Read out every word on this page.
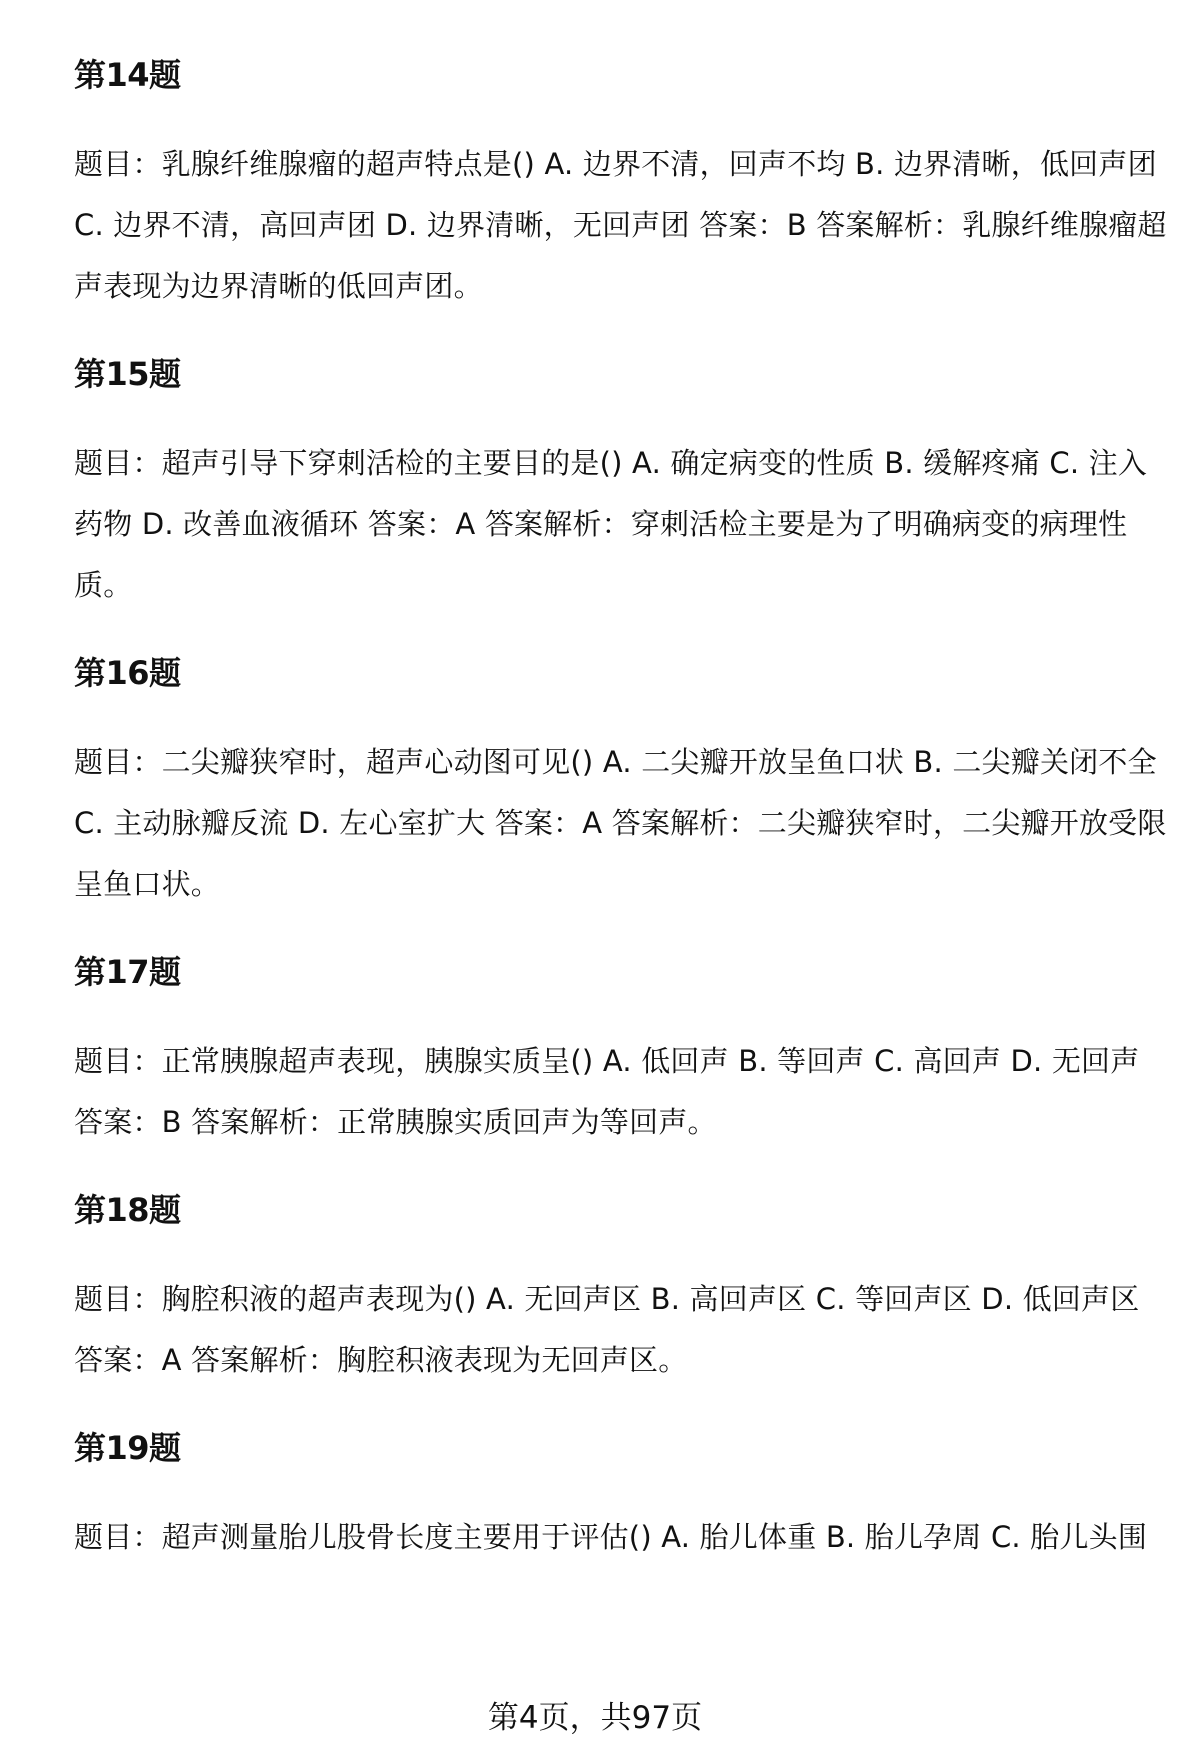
第14题
题目：乳腺纤维腺瘤的超声特点是() A. 边界不清，回声不均 B. 边界清晰，低回声团 C. 边界不清，高回声团 D. 边界清晰，无回声团 答案：B 答案解析：乳腺纤维腺瘤超声表现为边界清晰的低回声团。
第15题
题目：超声引导下穿刺活检的主要目的是() A. 确定病变的性质 B. 缓解疼痛 C. 注入药物 D. 改善血液循环 答案：A 答案解析：穿刺活检主要是为了明确病变的病理性质。
第16题
题目：二尖瓣狭窄时，超声心动图可见() A. 二尖瓣开放呈鱼口状 B. 二尖瓣关闭不全 C. 主动脉瓣反流 D. 左心室扩大 答案：A 答案解析：二尖瓣狭窄时，二尖瓣开放受限呈鱼口状。
第17题
题目：正常胰腺超声表现，胰腺实质呈() A. 低回声 B. 等回声 C. 高回声 D. 无回声 答案：B 答案解析：正常胰腺实质回声为等回声。
第18题
题目：胸腔积液的超声表现为() A. 无回声区 B. 高回声区 C. 等回声区 D. 低回声区 答案：A 答案解析：胸腔积液表现为无回声区。
第19题
题目：超声测量胎儿股骨长度主要用于评估() A. 胎儿体重 B. 胎儿孕周 C. 胎儿头围
第4页，共97页
